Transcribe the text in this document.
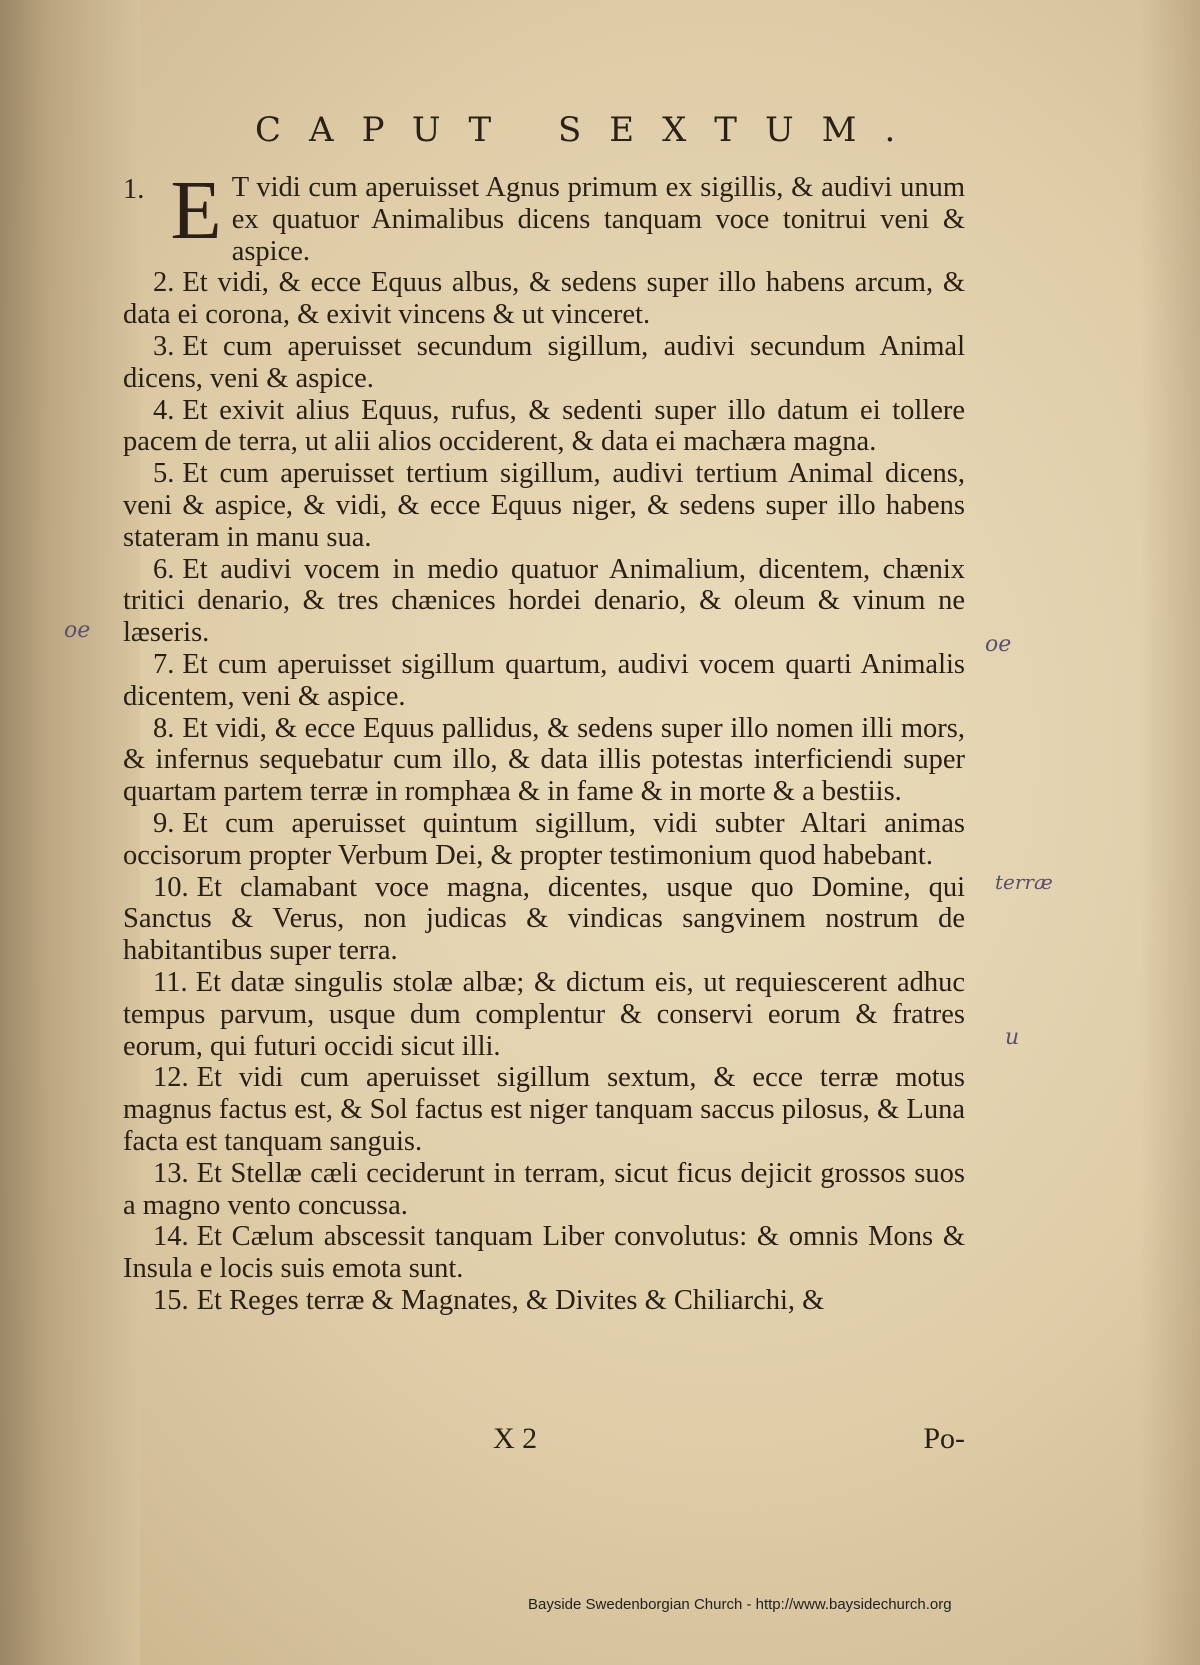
CAPUT SEXTUM.

1. E T vidi cum aperuisset Agnus primum ex sigillis, & audivi unum ex quatuor Animalibus dicens tanquam voce tonitrui veni & aspice.

2. Et vidi, & ecce Equus albus, & sedens super illo habens arcum, & data ei corona, & exivit vincens & ut vinceret.

3. Et cum aperuisset secundum sigillum, audivi secundum Animal dicens, veni & aspice.

4. Et exivit alius Equus, rufus, & sedenti super illo datum ei tollere pacem de terra, ut alii alios occiderent, & data ei machæra magna.

5. Et cum aperuisset tertium sigillum, audivi tertium Animal dicens, veni & aspice, & vidi, & ecce Equus niger, & sedens super illo habens stateram in manu sua.

6. Et audivi vocem in medio quatuor Animalium, dicentem, chænix tritici denario, & tres chænices hordei denario, & oleum & vinum ne læseris.

7. Et cum aperuisset sigillum quartum, audivi vocem quarti Animalis dicentem, veni & aspice.

8. Et vidi, & ecce Equus pallidus, & sedens super illo nomen illi mors, & infernus sequebatur cum illo, & data illis potestas interficiendi super quartam partem terræ in romphæa & in fame & in morte & a bestiis.

9. Et cum aperuisset quintum sigillum, vidi subter Altari animas occisorum propter Verbum Dei, & propter testimonium quod habebant.

10. Et clamabant voce magna, dicentes, usque quo Domine, qui Sanctus & Verus, non judicas & vindicas sangvinem nostrum de habitantibus super terra.

11. Et datæ singulis stolæ albæ; & dictum eis, ut requiescerent adhuc tempus parvum, usque dum complentur & conservi eorum & fratres eorum, qui futuri occidi sicut illi.

12. Et vidi cum aperuisset sigillum sextum, & ecce terræ motus magnus factus est, & Sol factus est niger tanquam saccus pilosus, & Luna facta est tanquam sanguis.

13. Et Stellæ cæli ceciderunt in terram, sicut ficus dejicit grossos suos a magno vento concussa.

14. Et Cælum abscessit tanquam Liber convolutus: & omnis Mons & Insula e locis suis emota sunt.

15. Et Reges terræ & Magnates, & Divites & Chiliarchi, &

X 2	Po-
oe
oe
terræ
u
Bayside Swedenborgian Church - http://www.baysidechurch.org
